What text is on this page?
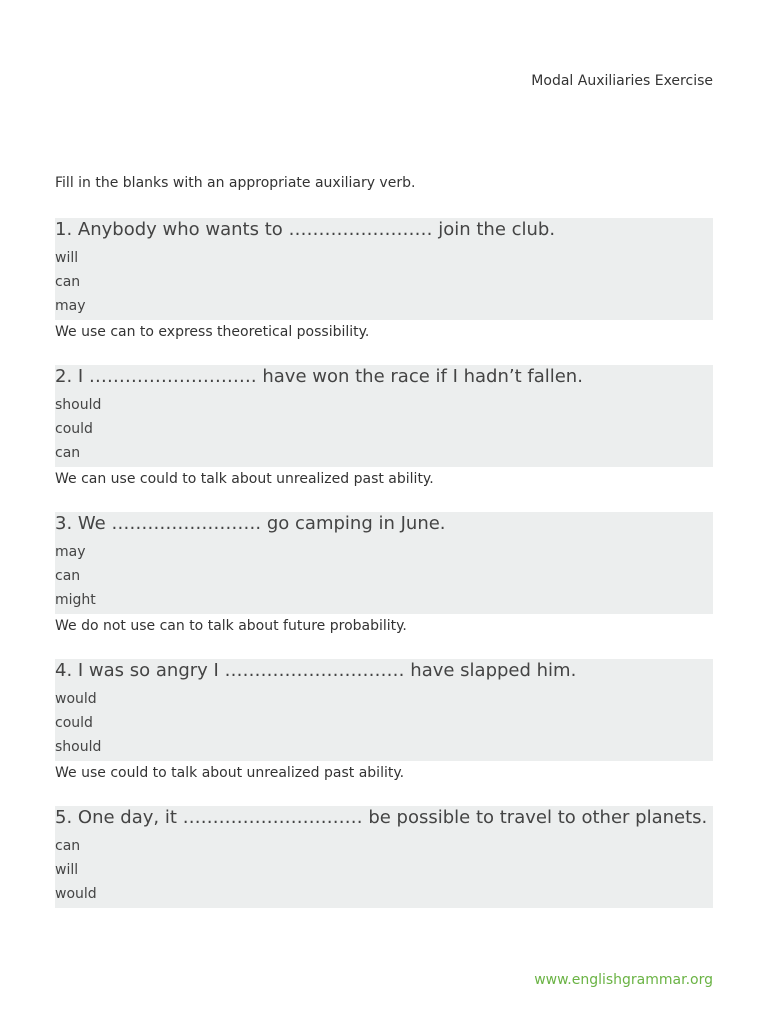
Modal Auxiliaries Exercise
Fill in the blanks with an appropriate auxiliary verb.
1. Anybody who wants to …………………… join the club.
will
can
may
We use can to express theoretical possibility.
2. I ………………………. have won the race if I hadn’t fallen.
should
could
can
We can use could to talk about unrealized past ability.
3. We ……………………. go camping in June.
may
can
might
We do not use can to talk about future probability.
4. I was so angry I ………………………… have slapped him.
would
could
should
We use could to talk about unrealized past ability.
5. One day, it ………………………… be possible to travel to other planets.
can
will
would
www.englishgrammar.org
